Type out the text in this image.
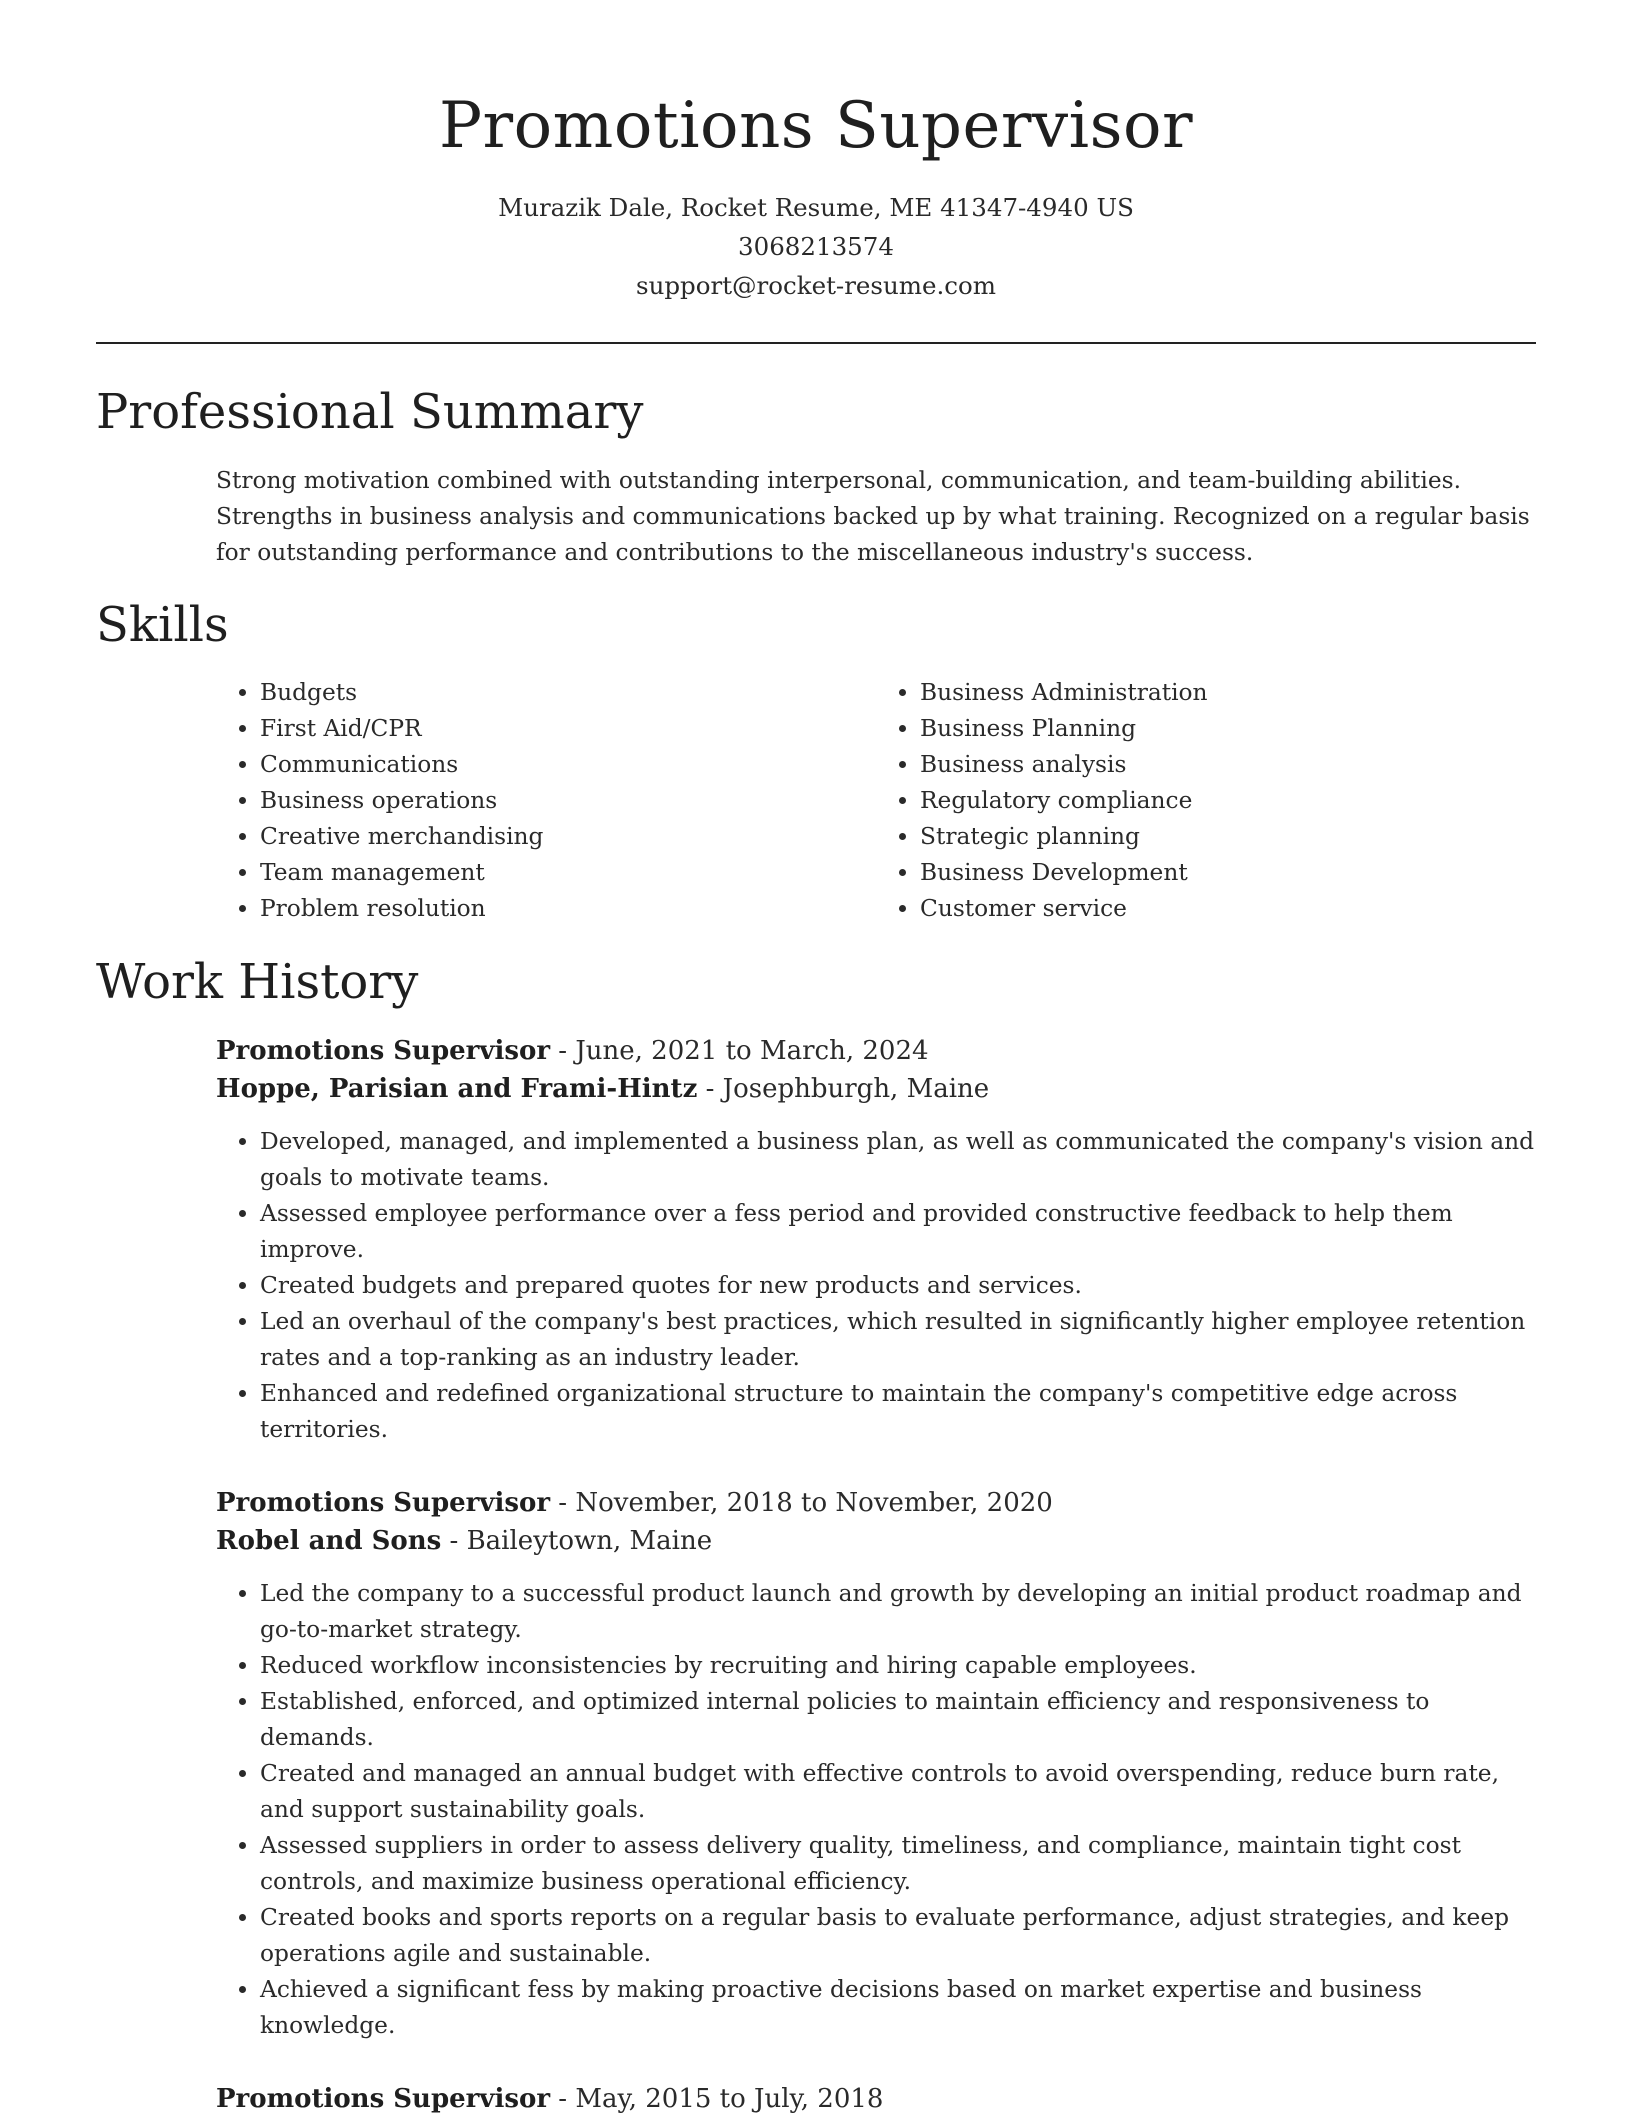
Promotions Supervisor
Murazik Dale, Rocket Resume, ME 41347-4940 US
3068213574
support@rocket-resume.com
Professional Summary

Strong motivation combined with outstanding interpersonal, communication, and team-building abilities. Strengths in business analysis and communications backed up by what training. Recognized on a regular basis for outstanding performance and contributions to the miscellaneous industry's success.

Skills
• Budgets
• First Aid/CPR
• Communications
• Business operations
• Creative merchandising
• Team management
• Problem resolution
• Business Administration
• Business Planning
• Business analysis
• Regulatory compliance
• Strategic planning
• Business Development
• Customer service
Work History
Promotions Supervisor - June, 2021 to March, 2024
Hoppe, Parisian and Frami-Hintz - Josephburgh, Maine
• Developed, managed, and implemented a business plan, as well as communicated the company's vision and goals to motivate teams.
• Assessed employee performance over a fess period and provided constructive feedback to help them improve.
• Created budgets and prepared quotes for new products and services.
• Led an overhaul of the company's best practices, which resulted in significantly higher employee retention rates and a top-ranking as an industry leader.
• Enhanced and redefined organizational structure to maintain the company's competitive edge across territories.
Promotions Supervisor - November, 2018 to November, 2020
Robel and Sons - Baileytown, Maine
• Led the company to a successful product launch and growth by developing an initial product roadmap and go-to-market strategy.
• Reduced workflow inconsistencies by recruiting and hiring capable employees.
• Established, enforced, and optimized internal policies to maintain efficiency and responsiveness to demands.
• Created and managed an annual budget with effective controls to avoid overspending, reduce burn rate, and support sustainability goals.
• Assessed suppliers in order to assess delivery quality, timeliness, and compliance, maintain tight cost controls, and maximize business operational efficiency.
• Created books and sports reports on a regular basis to evaluate performance, adjust strategies, and keep operations agile and sustainable.
• Achieved a significant fess by making proactive decisions based on market expertise and business knowledge.
Promotions Supervisor - May, 2015 to July, 2018
